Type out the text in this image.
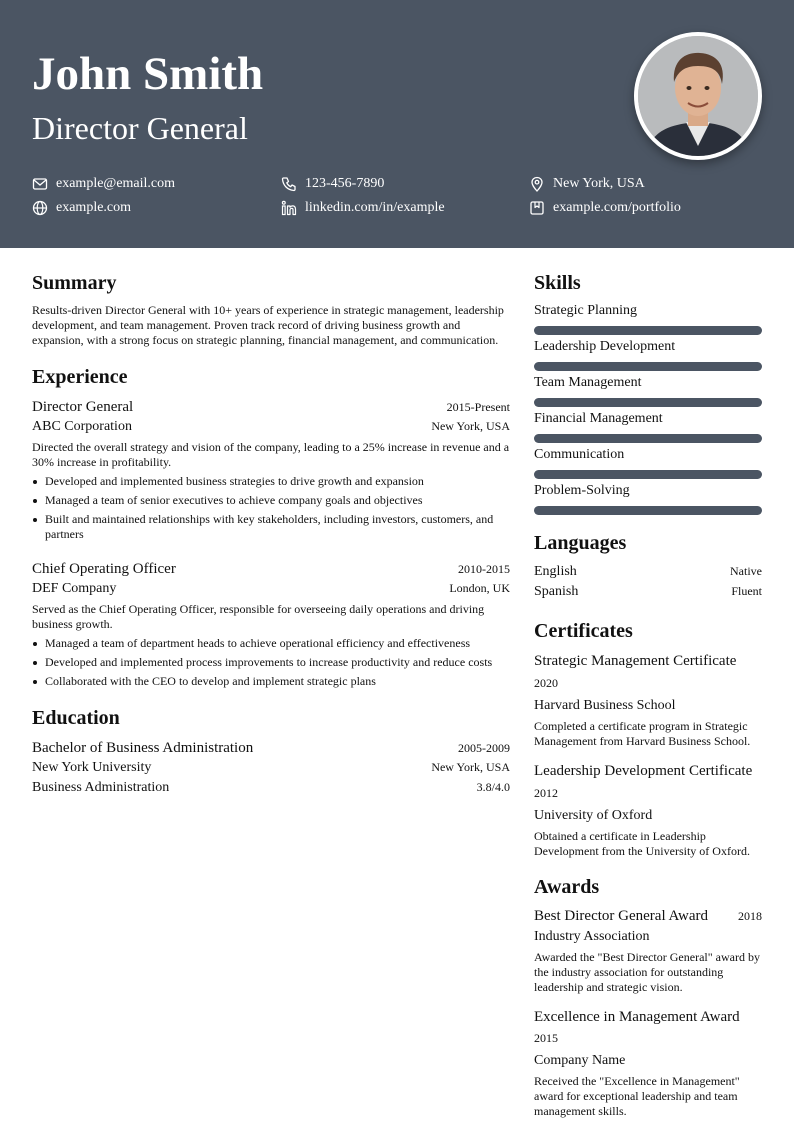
John Smith
Director General
example@email.com	123-456-7890	New York, USA
example.com	linkedin.com/in/example	example.com/portfolio
Summary

Results-driven Director General with 10+ years of experience in strategic management, leadership development, and team management. Proven track record of driving business growth and expansion, with a strong focus on strategic planning, financial management, and communication.

Experience
Director General	2015-Present
ABC Corporation	New York, USA

Directed the overall strategy and vision of the company, leading to a 25% increase in revenue and a 30% increase in profitability.

Developed and implemented business strategies to drive growth and expansion
Managed a team of senior executives to achieve company goals and objectives
Built and maintained relationships with key stakeholders, including investors, customers, and partners
Chief Operating Officer	2010-2015
DEF Company	London, UK

Served as the Chief Operating Officer, responsible for overseeing daily operations and driving business growth.

Managed a team of department heads to achieve operational efficiency and effectiveness
Developed and implemented process improvements to increase productivity and reduce costs
Collaborated with the CEO to develop and implement strategic plans
Education
Bachelor of Business Administration	2005-2009
New York University	New York, USA
Business Administration	3.8/4.0
Skills
Strategic Planning
Leadership Development
Team Management
Financial Management
Communication
Problem-Solving
Languages
English	Native
Spanish	Fluent
Certificates
Strategic Management Certificate
2020
Harvard Business School

Completed a certificate program in Strategic Management from Harvard Business School.

Leadership Development Certificate
2012
University of Oxford

Obtained a certificate in Leadership Development from the University of Oxford.

Awards
Best Director General Award	2018
Industry Association

Awarded the "Best Director General" award by the industry association for outstanding leadership and strategic vision.

Excellence in Management Award
2015
Company Name

Received the "Excellence in Management" award for exceptional leadership and team management skills.
